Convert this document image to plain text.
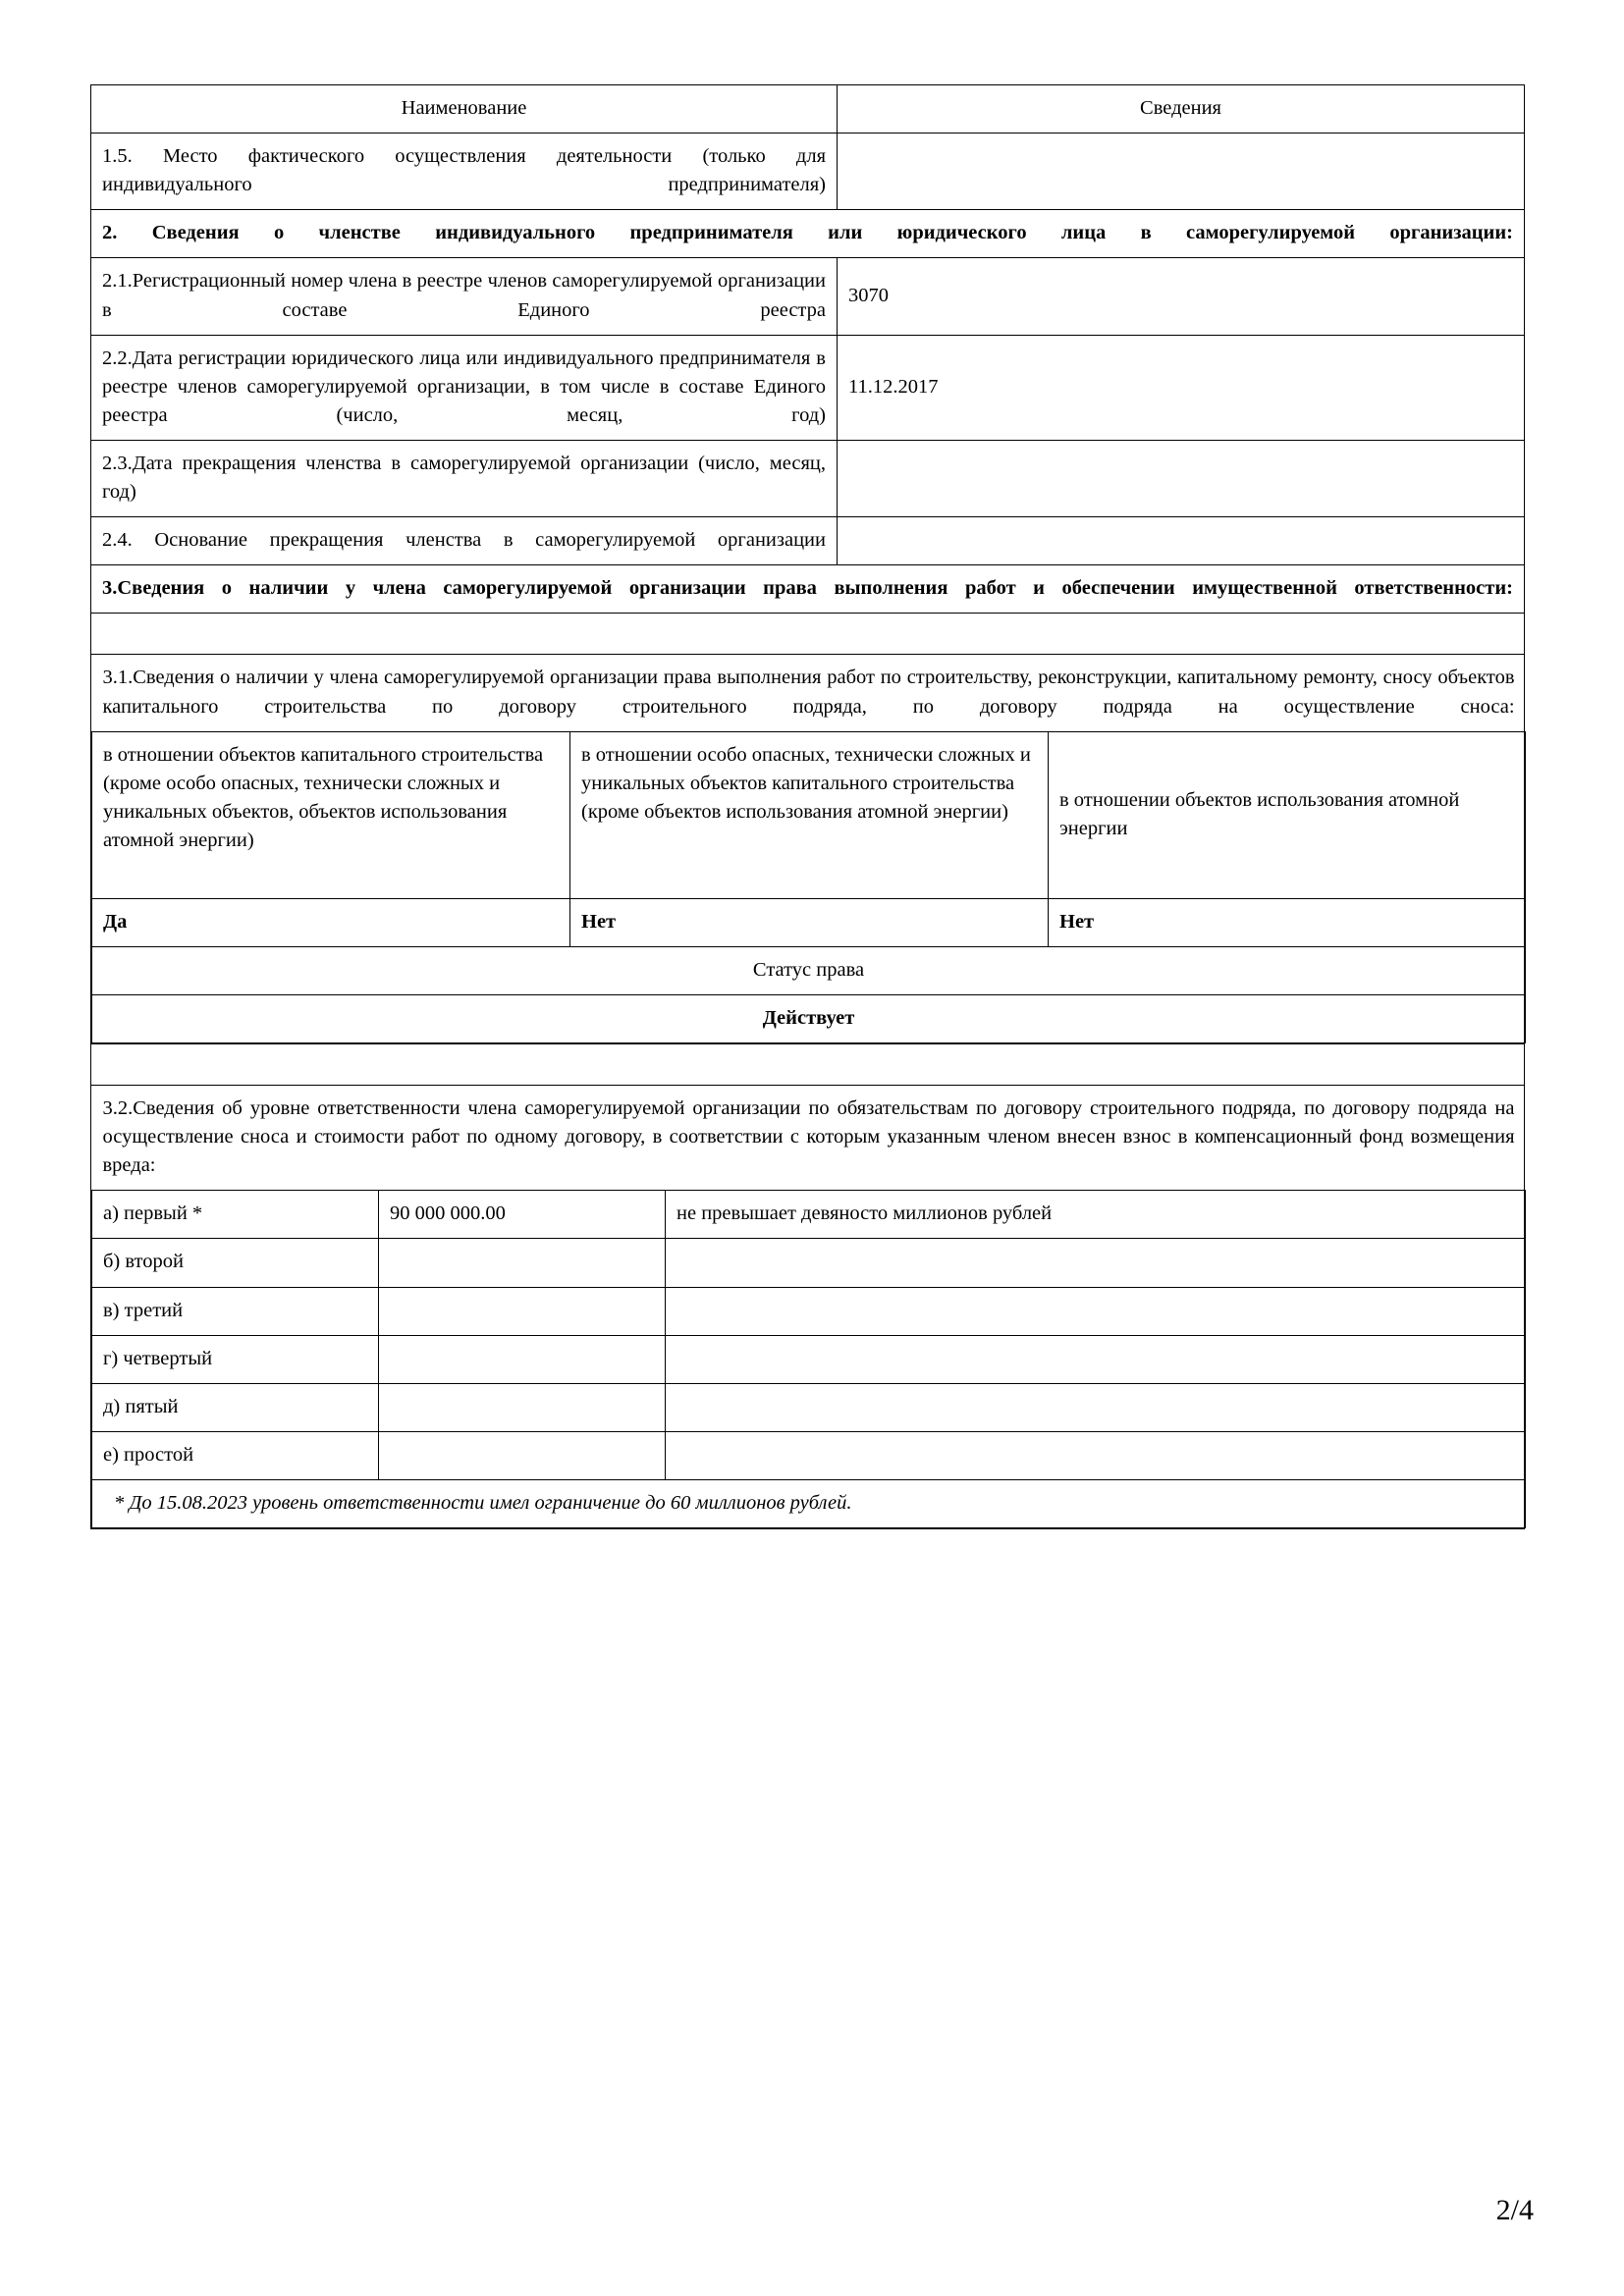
Наименование	Сведения
1.5. Место фактического осуществления деятельности (только для индивидуального предпринимателя)	
2. Сведения о членстве индивидуального предпринимателя или юридического лица в саморегулируемой организации:
2.1.Регистрационный номер члена в реестре членов саморегулируемой организации в составе Единого реестра	3070
2.2.Дата регистрации юридического лица или индивидуального предпринимателя в реестре членов саморегулируемой организации, в том числе в составе Единого реестра (число, месяц, год)	11.12.2017
2.3.Дата прекращения членства в саморегулируемой организации (число, месяц, год)	
2.4. Основание прекращения членства в саморегулируемой организации	
3.Сведения о наличии у члена саморегулируемой организации права выполнения работ и обеспечении имущественной ответственности:

3.1.Сведения о наличии у члена саморегулируемой организации права выполнения работ по строительству, реконструкции, капитальному ремонту, сносу объектов капитального строительства по договору строительного подряда, по договору подряда на осуществление сноса:
в отношении объектов капитального строительства (кроме особо опасных, технически сложных и уникальных объектов, объектов использования атомной энергии)	в отношении особо опасных, технически сложных и уникальных объектов капитального строительства (кроме объектов использования атомной энергии)	в отношении объектов использования атомной энергии
Да	Нет	Нет
Статус права
Действует

3.2.Сведения об уровне ответственности члена саморегулируемой организации по обязательствам по договору строительного подряда, по договору подряда на осуществление сноса и стоимости работ по одному договору, в соответствии с которым указанным членом внесен взнос в компенсационный фонд возмещения вреда:
а) первый *	90 000 000.00	не превышает девяносто миллионов рублей
б) второй		
в) третий		
г) четвертый		
д) пятый		
е) простой		
* До 15.08.2023 уровень ответственности имел ограничение до 60 миллионов рублей.
2/4
